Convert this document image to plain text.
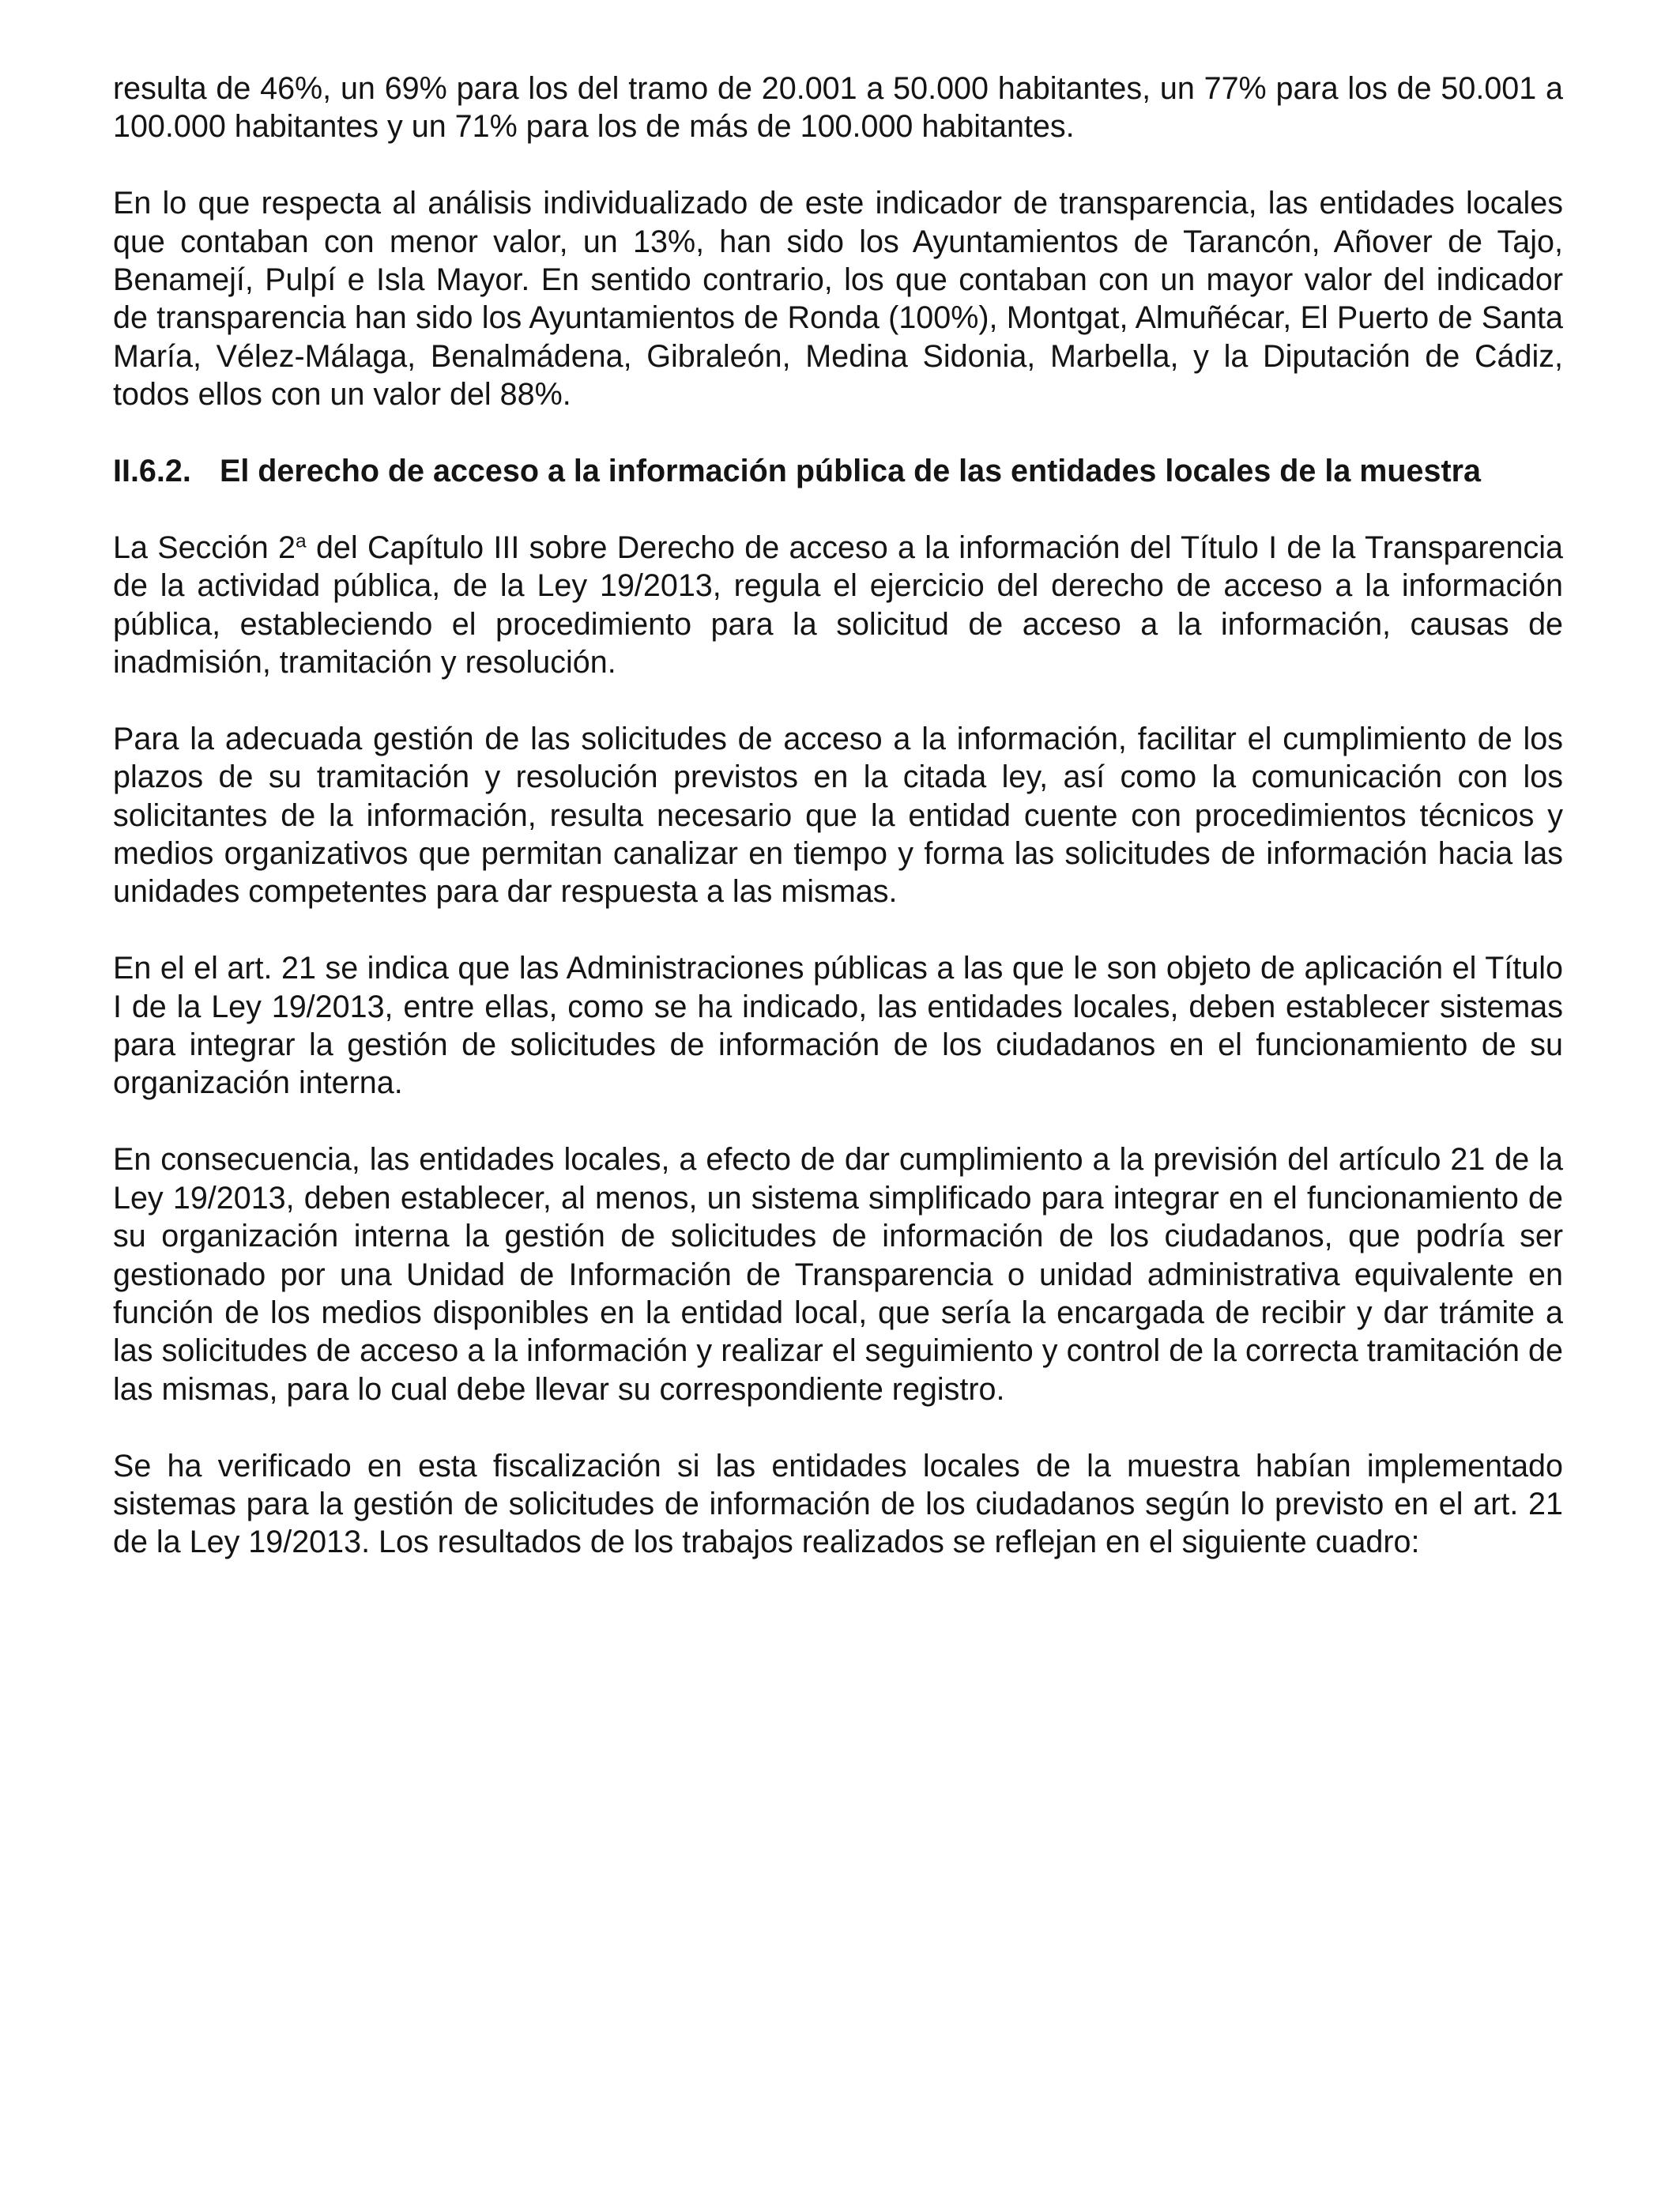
resulta de 46%, un 69% para los del tramo de 20.001 a 50.000 habitantes, un 77% para los de 50.001 a 100.000 habitantes y un 71% para los de más de 100.000 habitantes.

En lo que respecta al análisis individualizado de este indicador de transparencia, las entidades locales que contaban con menor valor, un 13%, han sido los Ayuntamientos de Tarancón, Añover de Tajo, Benamejí, Pulpí e Isla Mayor. En sentido contrario, los que contaban con un mayor valor del indicador de transparencia han sido los Ayuntamientos de Ronda (100%), Montgat, Almuñécar, El Puerto de Santa María, Vélez-Málaga, Benalmádena, Gibraleón, Medina Sidonia, Marbella, y la Diputación de Cádiz, todos ellos con un valor del 88%.

II.6.2. El derecho de acceso a la información pública de las entidades locales de la muestra

La Sección 2$^a$ del Capítulo III sobre Derecho de acceso a la información del Título I de la Transparencia de la actividad pública, de la Ley 19/2013, regula el ejercicio del derecho de acceso a la información pública, estableciendo el procedimiento para la solicitud de acceso a la información, causas de inadmisión, tramitación y resolución.

Para la adecuada gestión de las solicitudes de acceso a la información, facilitar el cumplimiento de los plazos de su tramitación y resolución previstos en la citada ley, así como la comunicación con los solicitantes de la información, resulta necesario que la entidad cuente con procedimientos técnicos y medios organizativos que permitan canalizar en tiempo y forma las solicitudes de información hacia las unidades competentes para dar respuesta a las mismas.

En el el art. 21 se indica que las Administraciones públicas a las que le son objeto de aplicación el Título I de la Ley 19/2013, entre ellas, como se ha indicado, las entidades locales, deben establecer sistemas para integrar la gestión de solicitudes de información de los ciudadanos en el funcionamiento de su organización interna.

En consecuencia, las entidades locales, a efecto de dar cumplimiento a la previsión del artículo 21 de la Ley 19/2013, deben establecer, al menos, un sistema simplificado para integrar en el funcionamiento de su organización interna la gestión de solicitudes de información de los ciudadanos, que podría ser gestionado por una Unidad de Información de Transparencia o unidad administrativa equivalente en función de los medios disponibles en la entidad local, que sería la encargada de recibir y dar trámite a las solicitudes de acceso a la información y realizar el seguimiento y control de la correcta tramitación de las mismas, para lo cual debe llevar su correspondiente registro.

Se ha verificado en esta fiscalización si las entidades locales de la muestra habían implementado sistemas para la gestión de solicitudes de información de los ciudadanos según lo previsto en el art. 21 de la Ley 19/2013. Los resultados de los trabajos realizados se reflejan en el siguiente cuadro:
